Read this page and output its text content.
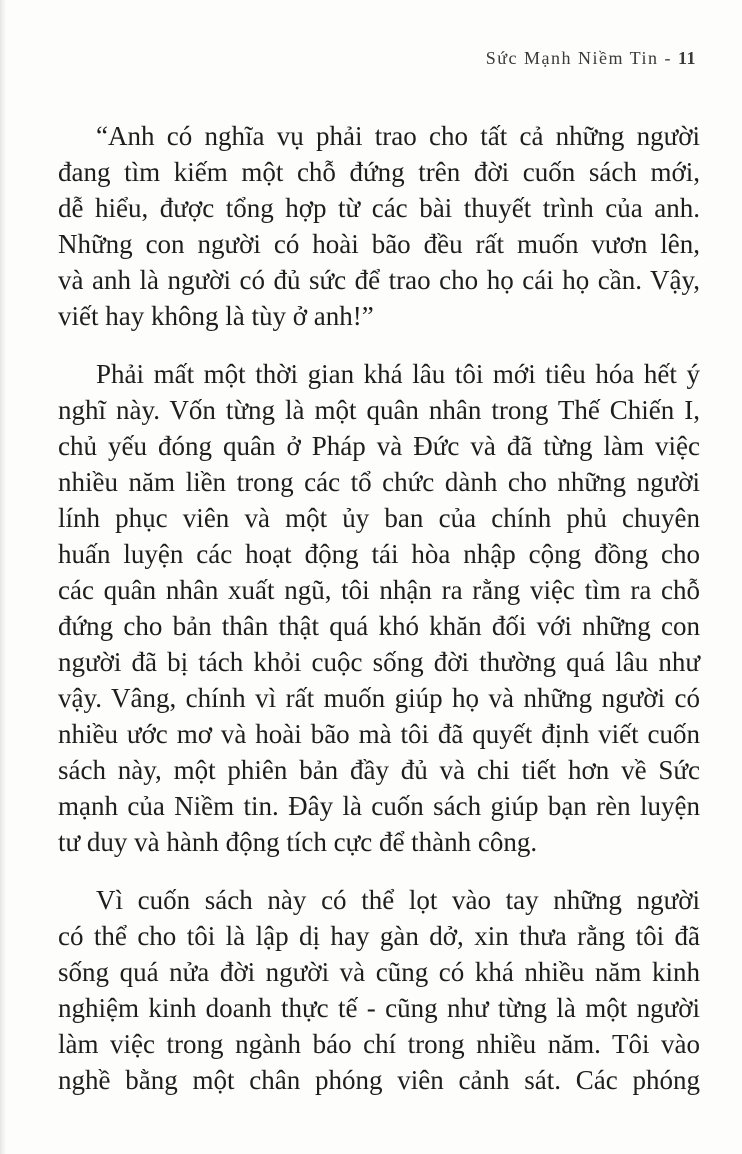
Sức Mạnh Niềm Tin - 11
“Anh có nghĩa vụ phải trao cho tất cả những người
đang tìm kiếm một chỗ đứng trên đời cuốn sách mới,
dễ hiểu, được tổng hợp từ các bài thuyết trình của anh.
Những con người có hoài bão đều rất muốn vươn lên,
và anh là người có đủ sức để trao cho họ cái họ cần. Vậy,
viết hay không là tùy ở anh!”
Phải mất một thời gian khá lâu tôi mới tiêu hóa hết ý
nghĩ này. Vốn từng là một quân nhân trong Thế Chiến I,
chủ yếu đóng quân ở Pháp và Đức và đã từng làm việc
nhiều năm liền trong các tổ chức dành cho những người
lính phục viên và một ủy ban của chính phủ chuyên
huấn luyện các hoạt động tái hòa nhập cộng đồng cho
các quân nhân xuất ngũ, tôi nhận ra rằng việc tìm ra chỗ
đứng cho bản thân thật quá khó khăn đối với những con
người đã bị tách khỏi cuộc sống đời thường quá lâu như
vậy. Vâng, chính vì rất muốn giúp họ và những người có
nhiều ước mơ và hoài bão mà tôi đã quyết định viết cuốn
sách này, một phiên bản đầy đủ và chi tiết hơn về Sức
mạnh của Niềm tin. Đây là cuốn sách giúp bạn rèn luyện
tư duy và hành động tích cực để thành công.
Vì cuốn sách này có thể lọt vào tay những người
có thể cho tôi là lập dị hay gàn dở, xin thưa rằng tôi đã
sống quá nửa đời người và cũng có khá nhiều năm kinh
nghiệm kinh doanh thực tế - cũng như từng là một người
làm việc trong ngành báo chí trong nhiều năm. Tôi vào
nghề bằng một chân phóng viên cảnh sát. Các phóng
